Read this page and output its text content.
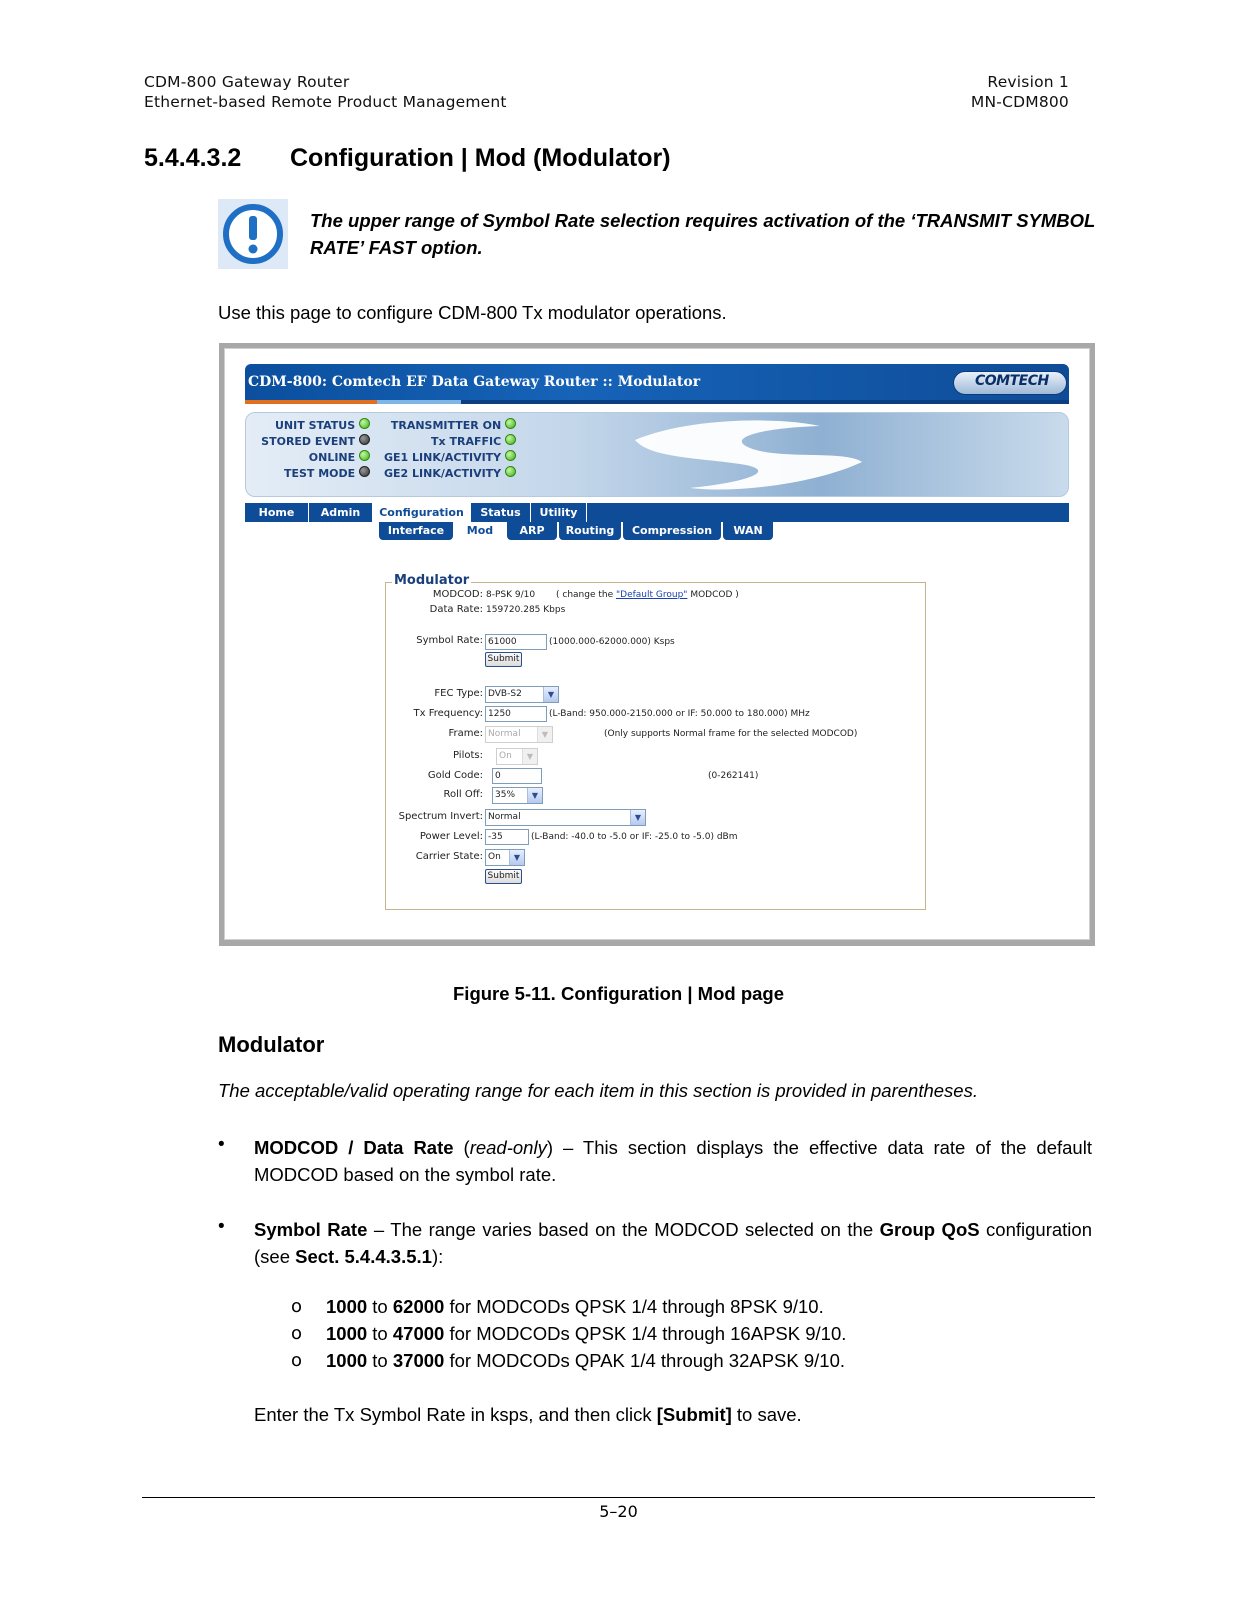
CDM-800 Gateway Router
Ethernet-based Remote Product Management
Revision 1
MN-CDM800
5.4.4.3.2 Configuration | Mod (Modulator)
The upper range of Symbol Rate selection requires activation of the ‘TRANSMIT SYMBOL RATE’ FAST option.
Use this page to configure CDM-800 Tx modulator operations.
CDM-800: Comtech EF Data Gateway Router :: Modulator	COMTECH
UNIT STATUS
STORED EVENT
ONLINE
TEST MODE
TRANSMITTER ON
Tx TRAFFIC
GE1 LINK/ACTIVITY
GE2 LINK/ACTIVITY
Home	Admin	Configuration	Status	Utility
Interface	Mod	ARP	Routing	Compression	WAN
Modulator
MODCOD: 8-PSK 9/10 ( change the "Default Group" MODCOD )
Data Rate: 159720.285 Kbps
Symbol Rate: 61000	(1000.000-62000.000) Ksps
Submit
FEC Type: DVB-S2	▼
Tx Frequency: 1250	(L-Band: 950.000-2150.000 or IF: 50.000 to 180.000) MHz
Frame: Normal	▼	(Only supports Normal frame for the selected MODCOD)
Pilots:	On	▼
Gold Code:	0	(0-262141)
Roll Off:	35%	▼
Spectrum Invert: Normal	▼
Power Level: -35	(L-Band: -40.0 to -5.0 or IF: -25.0 to -5.0) dBm
Carrier State: On	▼
Submit
Figure 5-11. Configuration | Mod page
Modulator
The acceptable/valid operating range for each item in this section is provided in parentheses.
• MODCOD / Data Rate (read-only) – This section displays the effective data rate of the default MODCOD based on the symbol rate.
• Symbol Rate – The range varies based on the MODCOD selected on the Group QoS configuration (see Sect. 5.4.4.3.5.1):
o 1000 to 62000 for MODCODs QPSK 1/4 through 8PSK 9/10.
o 1000 to 47000 for MODCODs QPSK 1/4 through 16APSK 9/10.
o 1000 to 37000 for MODCODs QPAK 1/4 through 32APSK 9/10.
Enter the Tx Symbol Rate in ksps, and then click [Submit] to save.
5–20
